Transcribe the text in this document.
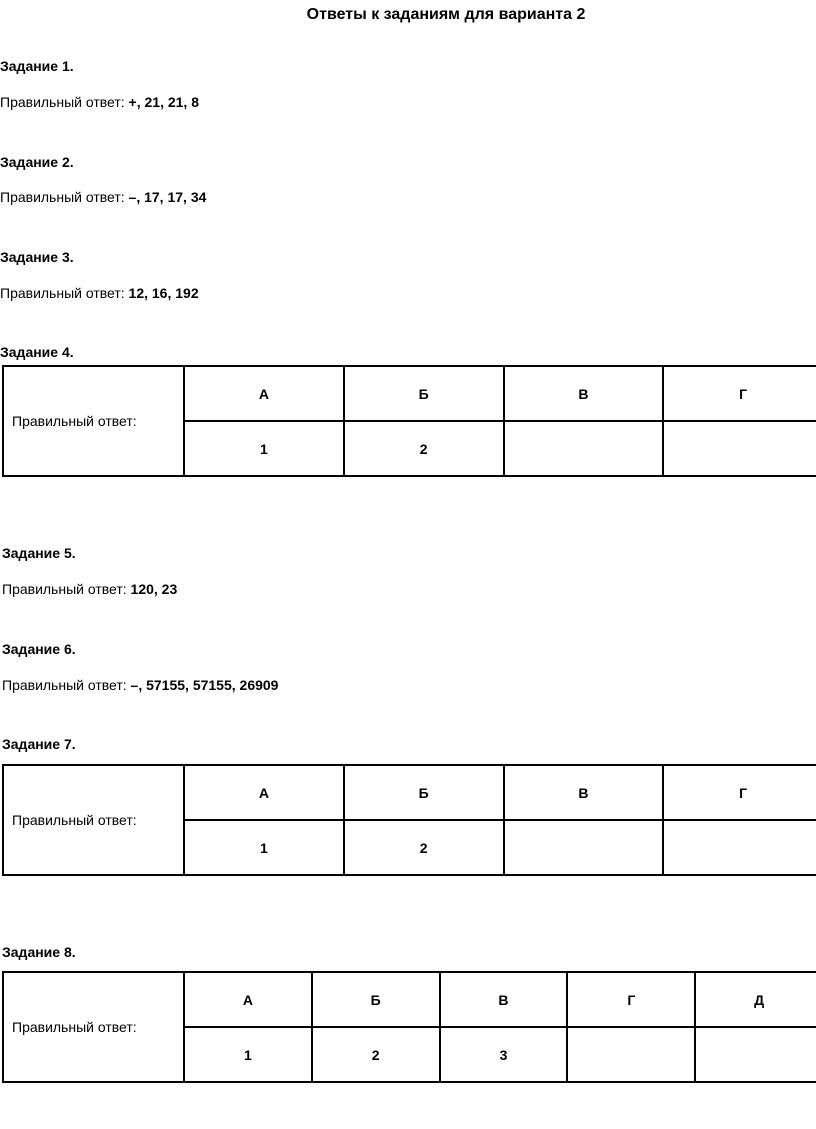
Ответы к заданиям для варианта 2
Задание 1.
Правильный ответ: +, 21, 21, 8
Задание 2.
Правильный ответ: –, 17, 17, 34
Задание 3.
Правильный ответ: 12, 16, 192
Задание 4.
Правильный ответ:	А	Б	В	Г
	1	2		
Задание 5.
Правильный ответ: 120, 23
Задание 6.
Правильный ответ: –, 57155, 57155, 26909
Задание 7.
Правильный ответ:	А	Б	В	Г
	1	2		
Задание 8.
Правильный ответ:	А	Б	В	Г	Д
	1	2	3		
